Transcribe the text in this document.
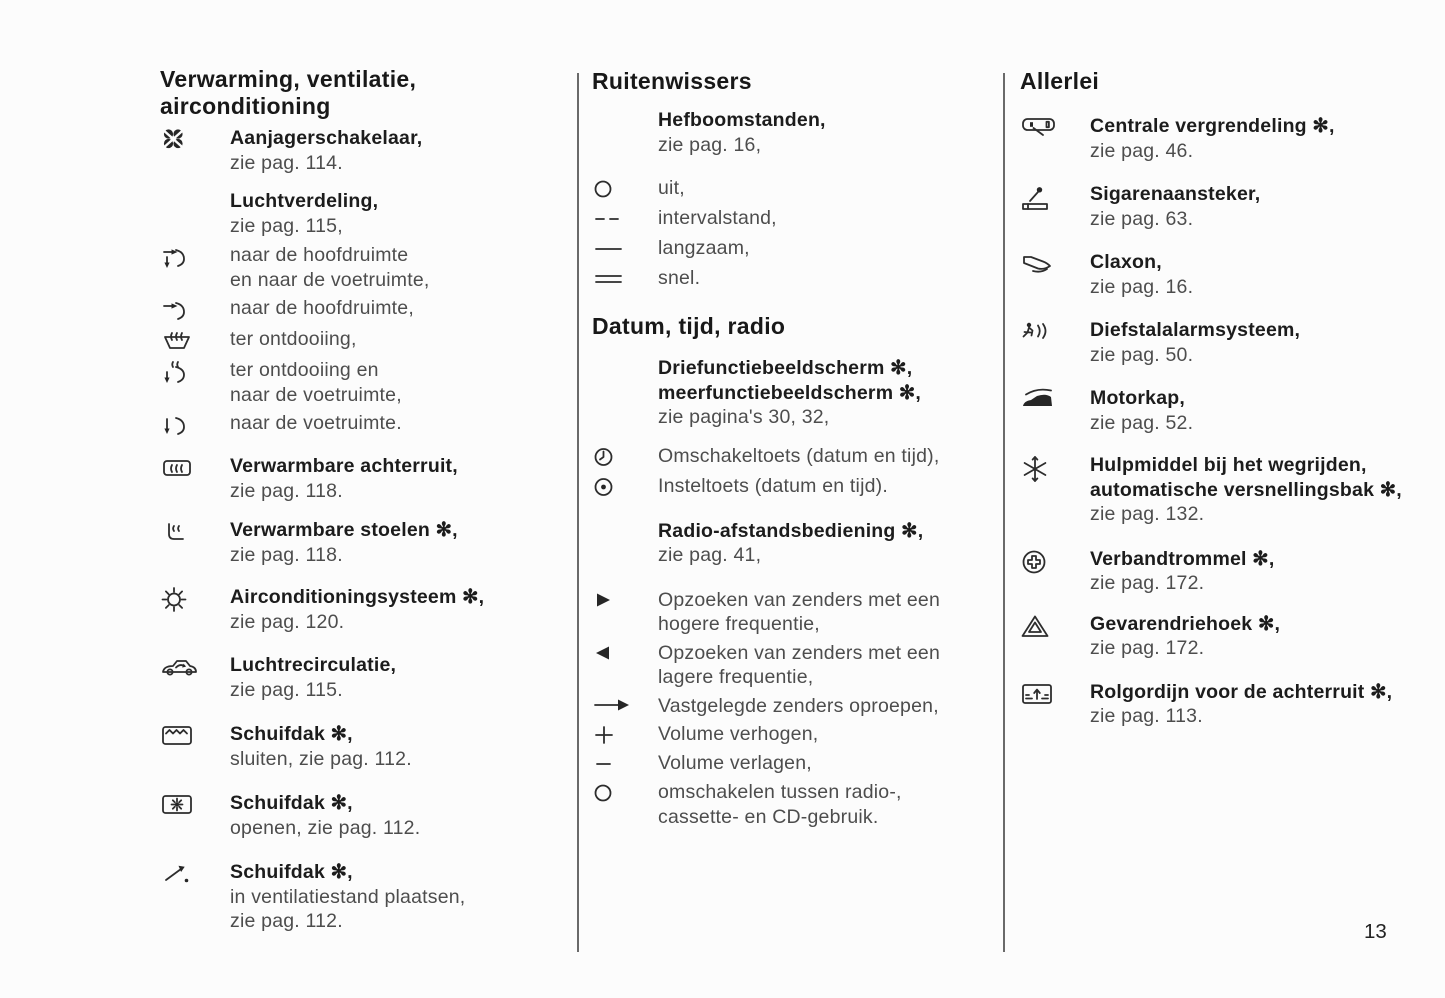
Verwarming, ventilatie,
airconditioning
Aanjagerschakelaar,
zie pag. 114.
Luchtverdeling,
zie pag. 115,
naar de hoofdruimte
en naar de voetruimte,
naar de hoofdruimte,
ter ontdooiing,
ter ontdooiing en
naar de voetruimte,
naar de voetruimte.
Verwarmbare achterruit,
zie pag. 118.
Verwarmbare stoelen ✻,
zie pag. 118.
Airconditioningsysteem ✻,
zie pag. 120.
Luchtrecirculatie,
zie pag. 115.
Schuifdak ✻,
sluiten, zie pag. 112.
Schuifdak ✻,
openen, zie pag. 112.
Schuifdak ✻,
in ventilatiestand plaatsen,
zie pag. 112.
Ruitenwissers
Hefboomstanden,
zie pag. 16,
uit,
intervalstand,
langzaam,
snel.
Datum, tijd, radio
Driefunctiebeeldscherm ✻,
meerfunctiebeeldscherm ✻,
zie pagina's 30, 32,
Omschakeltoets (datum en tijd),
Insteltoets (datum en tijd).
Radio-afstandsbediening ✻,
zie pag. 41,
Opzoeken van zenders met een
hogere frequentie,
Opzoeken van zenders met een
lagere frequentie,
Vastgelegde zenders oproepen,
Volume verhogen,
Volume verlagen,
omschakelen tussen radio-,
cassette- en CD-gebruik.
Allerlei
Centrale vergrendeling ✻,
zie pag. 46.
Sigarenaansteker,
zie pag. 63.
Claxon,
zie pag. 16.
Diefstalalarmsysteem,
zie pag. 50.
Motorkap,
zie pag. 52.
Hulpmiddel bij het wegrijden,
automatische versnellingsbak ✻,
zie pag. 132.
Verbandtrommel ✻,
zie pag. 172.
Gevarendriehoek ✻,
zie pag. 172.
Rolgordijn voor de achterruit ✻,
zie pag. 113.
13
